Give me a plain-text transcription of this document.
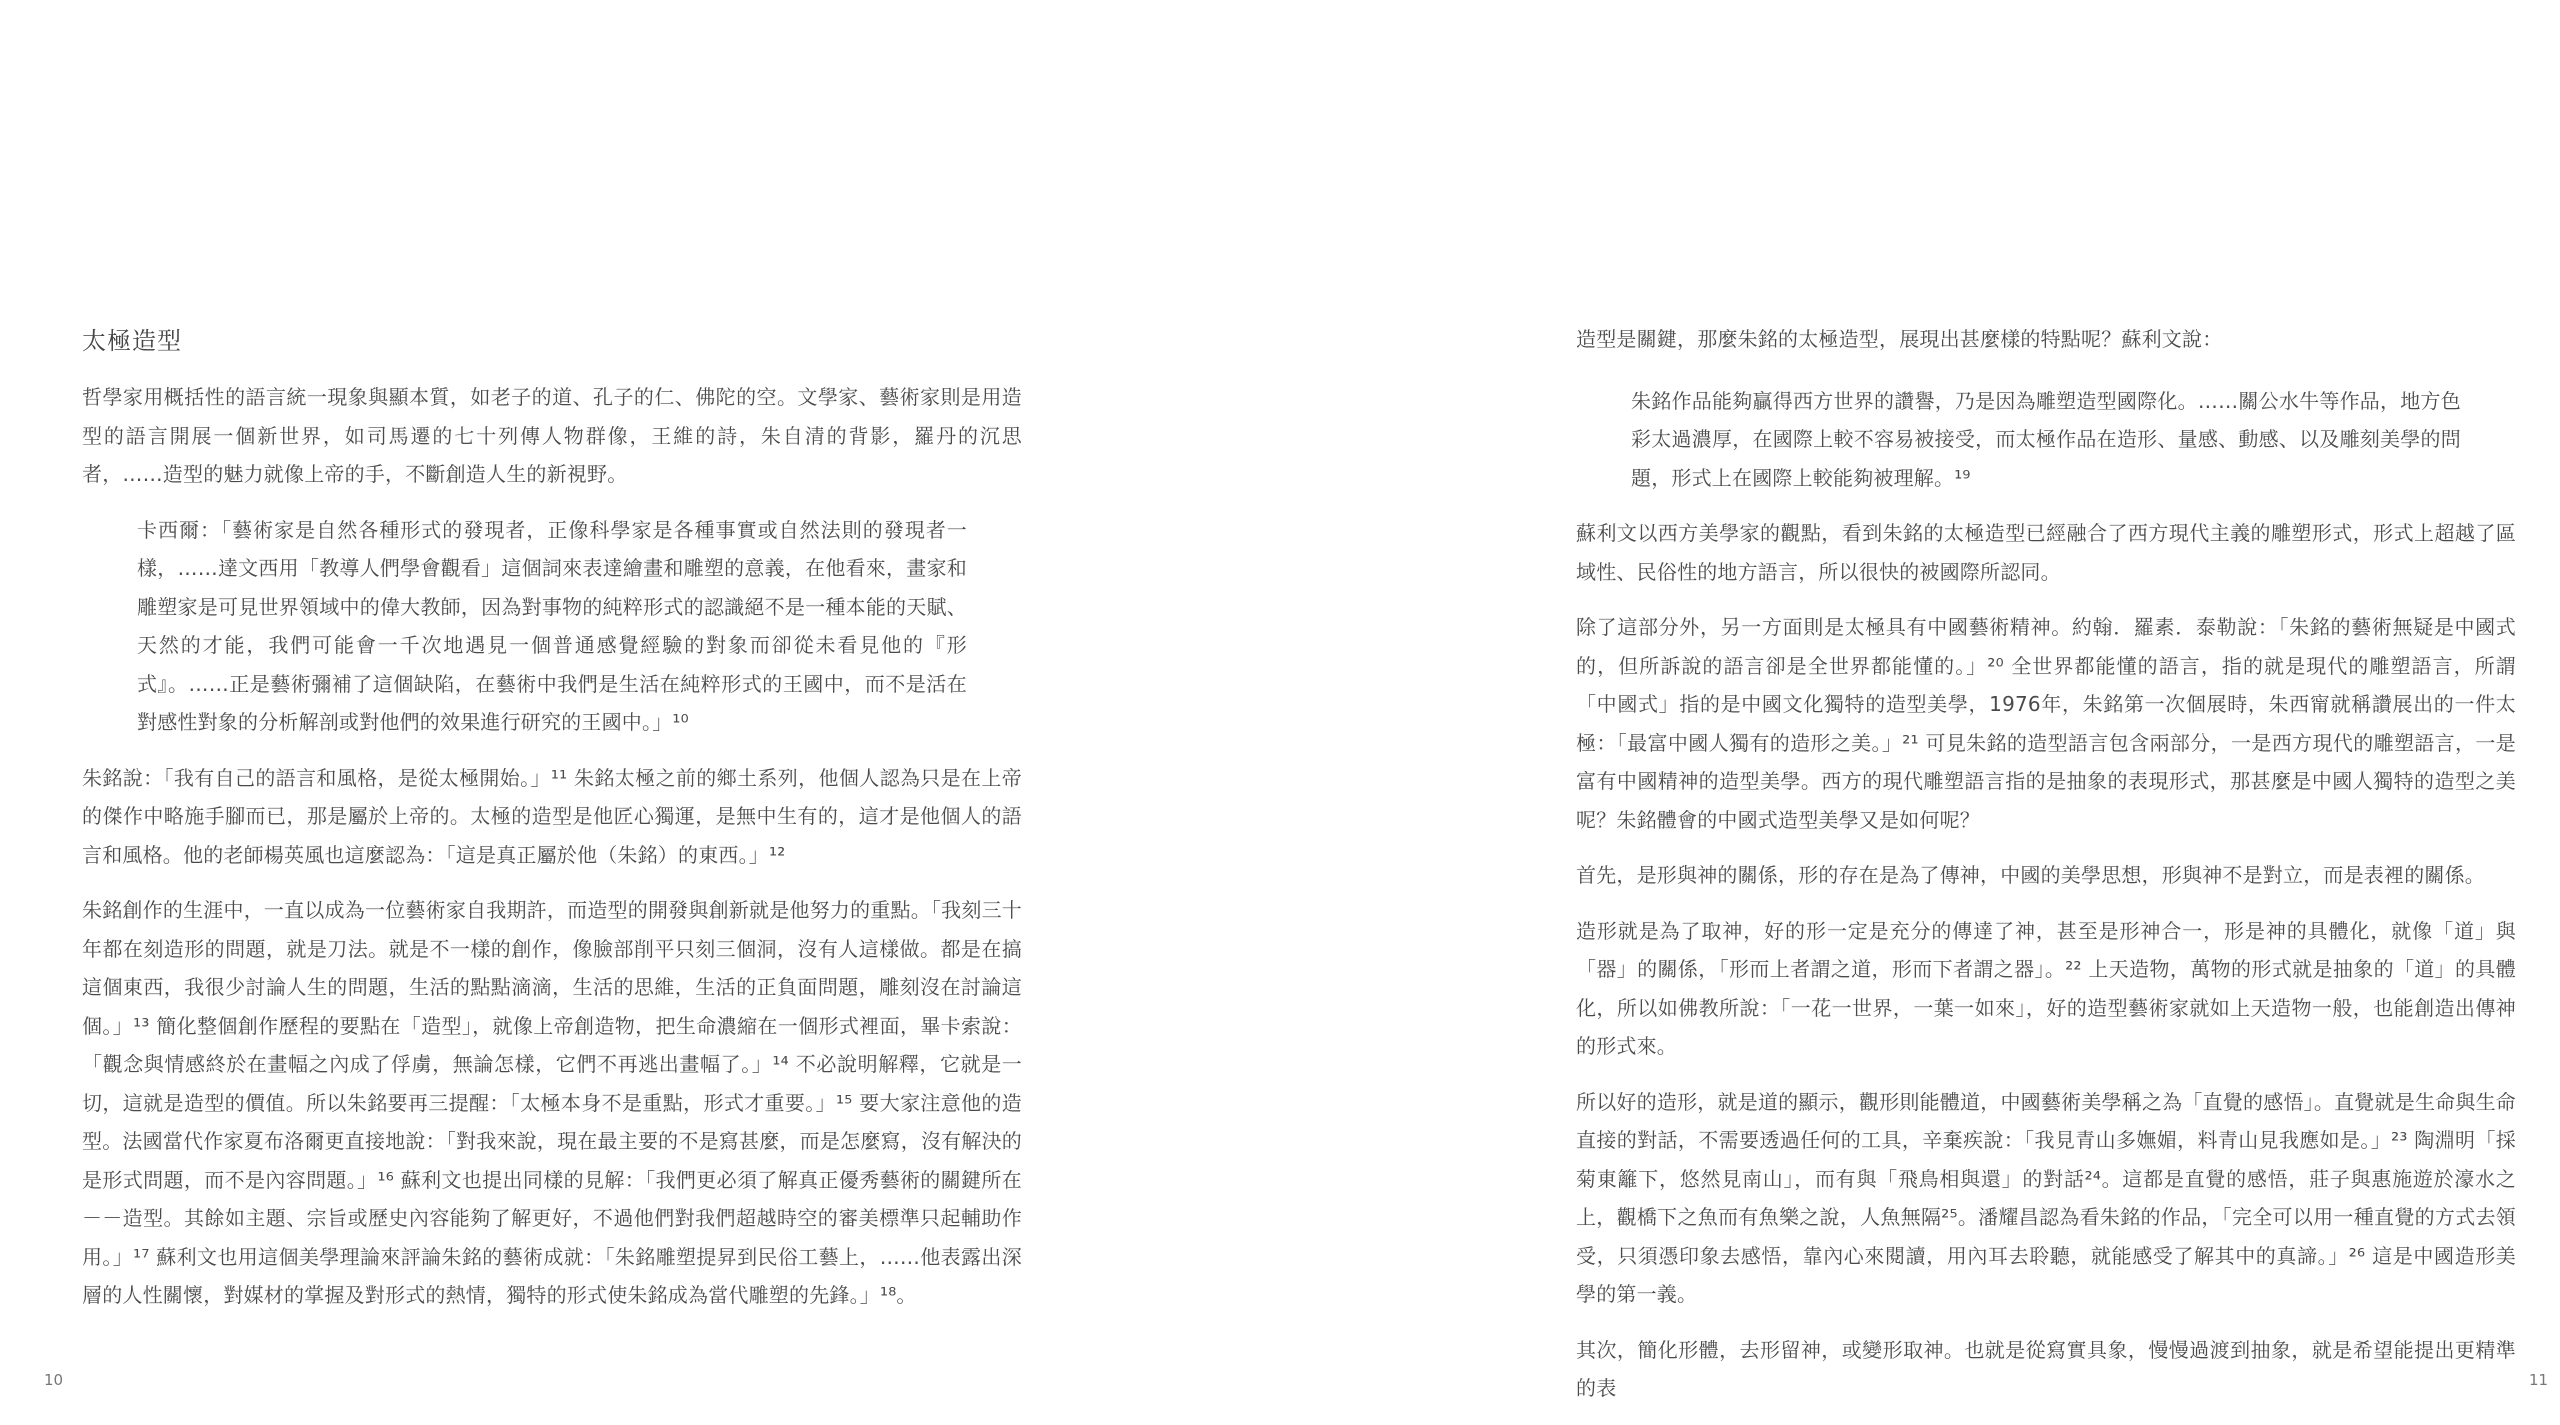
太極造型

哲學家用概括性的語言統一現象與顯本質，如老子的道、孔子的仁、佛陀的空。文學家、藝術家則是用造型的語言開展一個新世界，如司馬遷的七十列傳人物群像，王維的詩，朱自清的背影，羅丹的沉思者，……造型的魅力就像上帝的手，不斷創造人生的新視野。

卡西爾：「藝術家是自然各種形式的發現者，正像科學家是各種事實或自然法則的發現者一樣，……達文西用「教導人們學會觀看」這個詞來表達繪畫和雕塑的意義，在他看來，畫家和雕塑家是可見世界領域中的偉大教師，因為對事物的純粹形式的認識絕不是一種本能的天賦、天然的才能，我們可能會一千次地遇見一個普通感覺經驗的對象而卻從未看見他的『形式』。……正是藝術彌補了這個缺陷，在藝術中我們是生活在純粹形式的王國中，而不是活在對感性對象的分析解剖或對他們的效果進行研究的王國中。」¹⁰

朱銘說：「我有自己的語言和風格，是從太極開始。」¹¹ 朱銘太極之前的鄉土系列，他個人認為只是在上帝的傑作中略施手腳而已，那是屬於上帝的。太極的造型是他匠心獨運，是無中生有的，這才是他個人的語言和風格。他的老師楊英風也這麼認為：「這是真正屬於他（朱銘）的東西。」¹²

朱銘創作的生涯中，一直以成為一位藝術家自我期許，而造型的開發與創新就是他努力的重點。「我刻三十年都在刻造形的問題，就是刀法。就是不一樣的創作，像臉部削平只刻三個洞，沒有人這樣做。都是在搞這個東西，我很少討論人生的問題，生活的點點滴滴，生活的思維，生活的正負面問題，雕刻沒在討論這個。」¹³ 簡化整個創作歷程的要點在「造型」，就像上帝創造物，把生命濃縮在一個形式裡面，畢卡索說：「觀念與情感終於在畫幅之內成了俘虜，無論怎樣，它們不再逃出畫幅了。」¹⁴ 不必說明解釋，它就是一切，這就是造型的價值。所以朱銘要再三提醒：「太極本身不是重點，形式才重要。」¹⁵ 要大家注意他的造型。法國當代作家夏布洛爾更直接地說：「對我來說，現在最主要的不是寫甚麼，而是怎麼寫，沒有解決的是形式問題，而不是內容問題。」¹⁶ 蘇利文也提出同樣的見解：「我們更必須了解真正優秀藝術的關鍵所在－－造型。其餘如主題、宗旨或歷史內容能夠了解更好，不過他們對我們超越時空的審美標準只起輔助作用。」¹⁷ 蘇利文也用這個美學理論來評論朱銘的藝術成就：「朱銘雕塑提昇到民俗工藝上，……他表露出深層的人性關懷，對媒材的掌握及對形式的熱情，獨特的形式使朱銘成為當代雕塑的先鋒。」¹⁸。

10

造型是關鍵，那麼朱銘的太極造型，展現出甚麼樣的特點呢？蘇利文說：

朱銘作品能夠贏得西方世界的讚譽，乃是因為雕塑造型國際化。……關公水牛等作品，地方色彩太過濃厚，在國際上較不容易被接受，而太極作品在造形、量感、動感、以及雕刻美學的問題，形式上在國際上較能夠被理解。¹⁹

蘇利文以西方美學家的觀點，看到朱銘的太極造型已經融合了西方現代主義的雕塑形式，形式上超越了區域性、民俗性的地方語言，所以很快的被國際所認同。

除了這部分外，另一方面則是太極具有中國藝術精神。約翰．羅素．泰勒說：「朱銘的藝術無疑是中國式的，但所訴說的語言卻是全世界都能懂的。」²⁰ 全世界都能懂的語言，指的就是現代的雕塑語言，所謂「中國式」指的是中國文化獨特的造型美學，1976年，朱銘第一次個展時，朱西甯就稱讚展出的一件太極：「最富中國人獨有的造形之美。」²¹ 可見朱銘的造型語言包含兩部分，一是西方現代的雕塑語言，一是富有中國精神的造型美學。西方的現代雕塑語言指的是抽象的表現形式，那甚麼是中國人獨特的造型之美呢？朱銘體會的中國式造型美學又是如何呢？

首先，是形與神的關係，形的存在是為了傳神，中國的美學思想，形與神不是對立，而是表裡的關係。

造形就是為了取神，好的形一定是充分的傳達了神，甚至是形神合一，形是神的具體化，就像「道」與「器」的關係，「形而上者謂之道，形而下者謂之器」。²² 上天造物，萬物的形式就是抽象的「道」的具體化，所以如佛教所說：「一花一世界，一葉一如來」，好的造型藝術家就如上天造物一般，也能創造出傳神的形式來。

所以好的造形，就是道的顯示，觀形則能體道，中國藝術美學稱之為「直覺的感悟」。直覺就是生命與生命直接的對話，不需要透過任何的工具，辛棄疾說：「我見青山多嫵媚，料青山見我應如是。」²³ 陶淵明「採菊東籬下，悠然見南山」，而有與「飛鳥相與還」的對話²⁴。這都是直覺的感悟，莊子與惠施遊於濠水之上，觀橋下之魚而有魚樂之說，人魚無隔²⁵。潘耀昌認為看朱銘的作品，「完全可以用一種直覺的方式去領受，只須憑印象去感悟，靠內心來閱讀，用內耳去聆聽，就能感受了解其中的真諦。」²⁶ 這是中國造形美學的第一義。

其次，簡化形體，去形留神，或變形取神。也就是從寫實具象，慢慢過渡到抽象，就是希望能提出更精準的表	11
